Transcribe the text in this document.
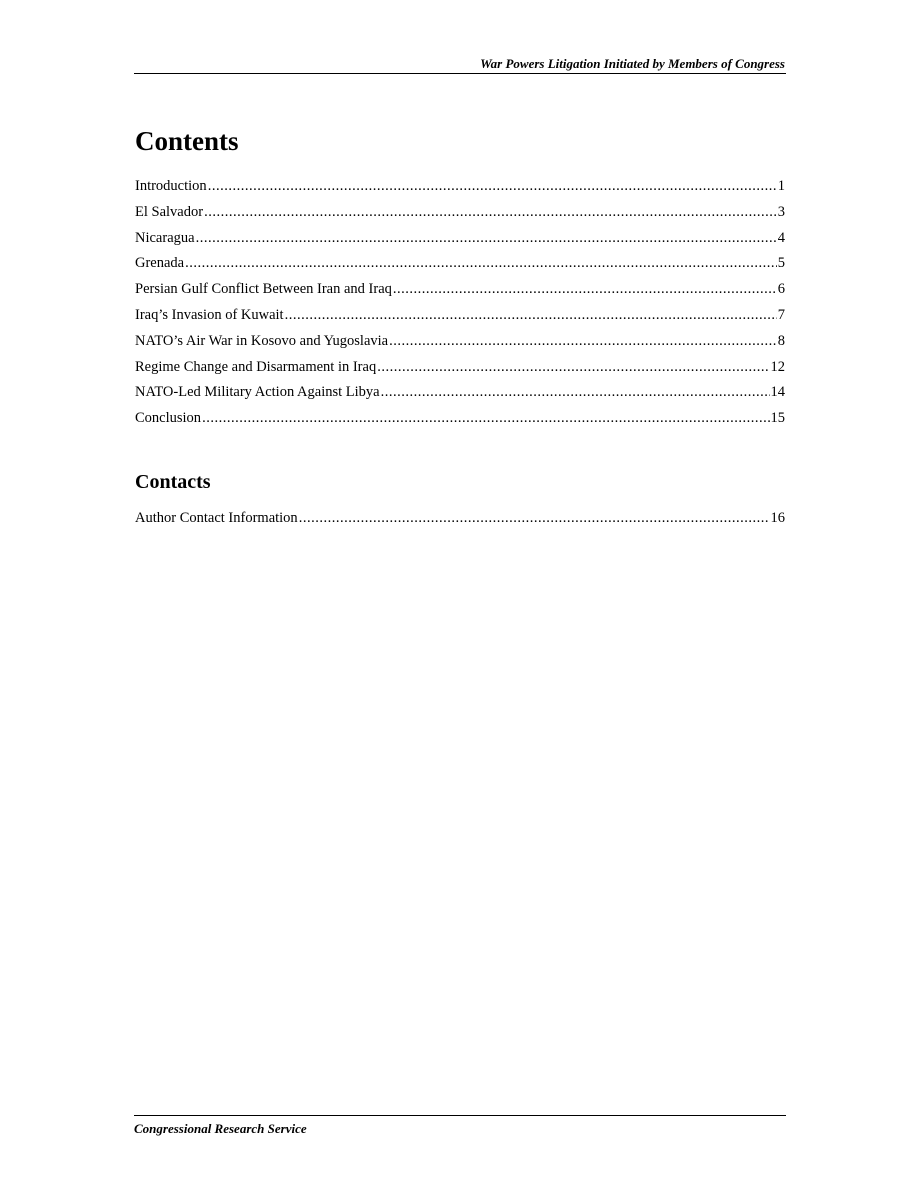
War Powers Litigation Initiated by Members of Congress
Contents
Introduction .....	1
El Salvador .....	3
Nicaragua .....	4
Grenada .....	5
Persian Gulf Conflict Between Iran and Iraq .....	6
Iraq’s Invasion of Kuwait .....	7
NATO’s Air War in Kosovo and Yugoslavia .....	8
Regime Change and Disarmament in Iraq .....	12
NATO-Led Military Action Against Libya .....	14
Conclusion .....	15
Contacts
Author Contact Information .....	16
Congressional Research Service
